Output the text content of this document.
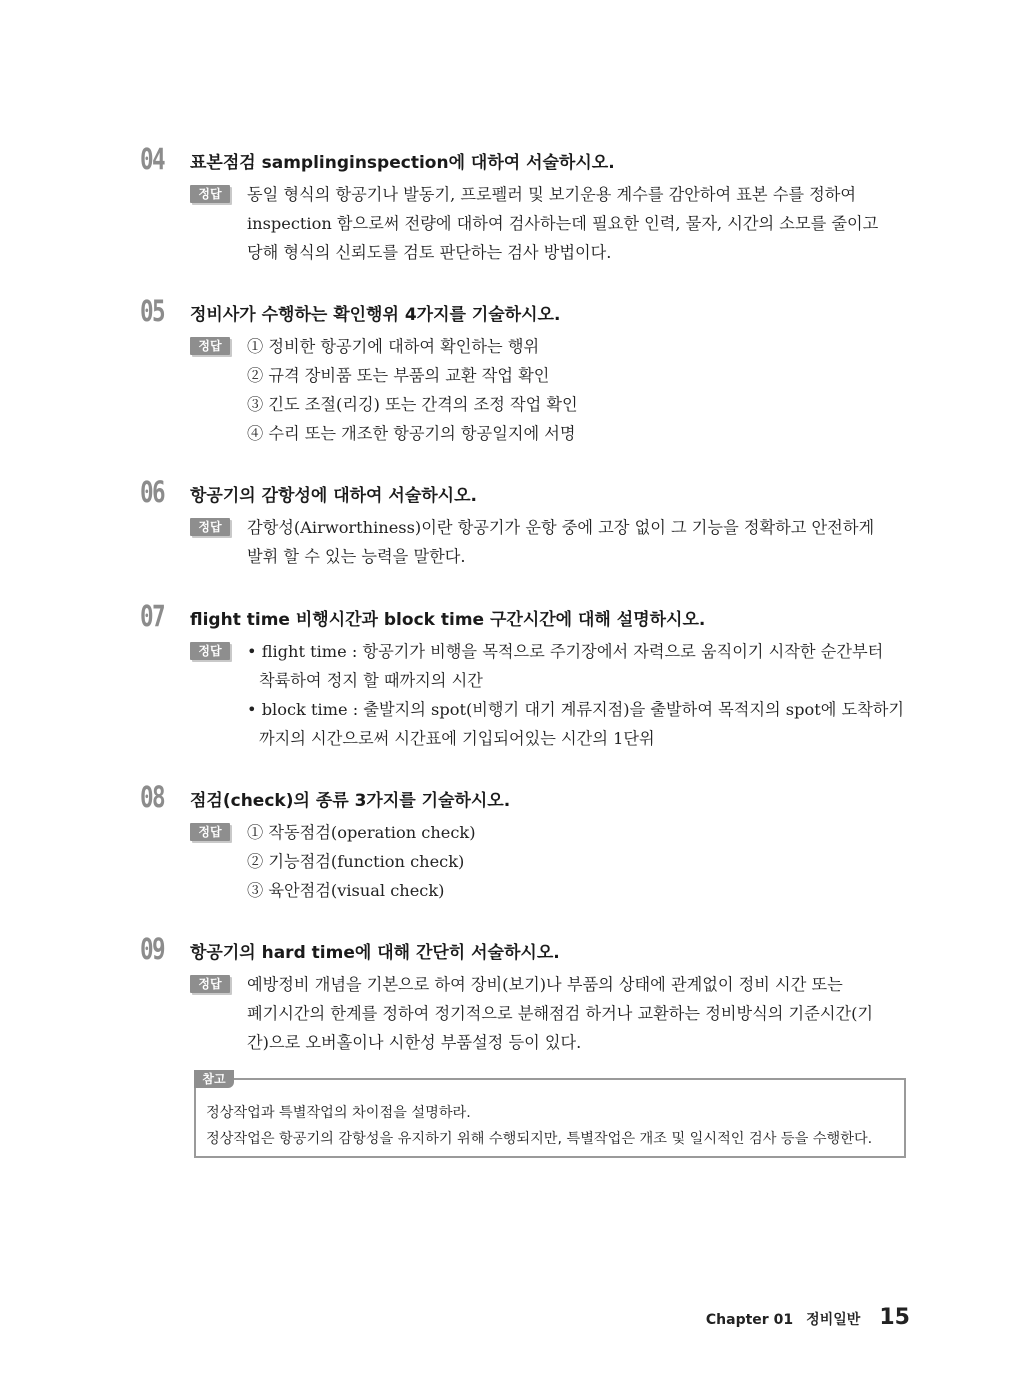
04 표본점검 samplinginspection에 대하여 서술하시오.
정답	동일 형식의 항공기나 발동기, 프로펠러 및 보기운용 계수를 감안하여 표본 수를 정하여
inspection 함으로써 전량에 대하여 검사하는데 필요한 인력, 물자, 시간의 소모를 줄이고
당해 형식의 신뢰도를 검토 판단하는 검사 방법이다.
05 정비사가 수행하는 확인행위 4가지를 기술하시오.
정답	① 정비한 항공기에 대하여 확인하는 행위
② 규격 장비품 또는 부품의 교환 작업 확인
③ 긴도 조절(리깅) 또는 간격의 조정 작업 확인
④ 수리 또는 개조한 항공기의 항공일지에 서명
06 항공기의 감항성에 대하여 서술하시오.
정답	감항성(Airworthiness)이란 항공기가 운항 중에 고장 없이 그 기능을 정확하고 안전하게
발휘 할 수 있는 능력을 말한다.
07 flight time 비행시간과 block time 구간시간에 대해 설명하시오.
정답	• flight time : 항공기가 비행을 목적으로 주기장에서 자력으로 움직이기 시작한 순간부터
착륙하여 정지 할 때까지의 시간
• block time : 출발지의 spot(비행기 대기 계류지점)을 출발하여 목적지의 spot에 도착하기
까지의 시간으로써 시간표에 기입되어있는 시간의 1단위
08 점검(check)의 종류 3가지를 기술하시오.
정답	① 작동점검(operation check)
② 기능점검(function check)
③ 육안점검(visual check)
09 항공기의 hard time에 대해 간단히 서술하시오.
정답	예방정비 개념을 기본으로 하여 장비(보기)나 부품의 상태에 관계없이 정비 시간 또는
폐기시간의 한계를 정하여 정기적으로 분해점검 하거나 교환하는 정비방식의 기준시간(기
간)으로 오버홀이나 시한성 부품설정 등이 있다.
정상작업과 특별작업의 차이점을 설명하라.
정상작업은 항공기의 감항성을 유지하기 위해 수행되지만, 특별작업은 개조 및 일시적인 검사 등을 수행한다.
참고
Chapter 01 정비일반 15
